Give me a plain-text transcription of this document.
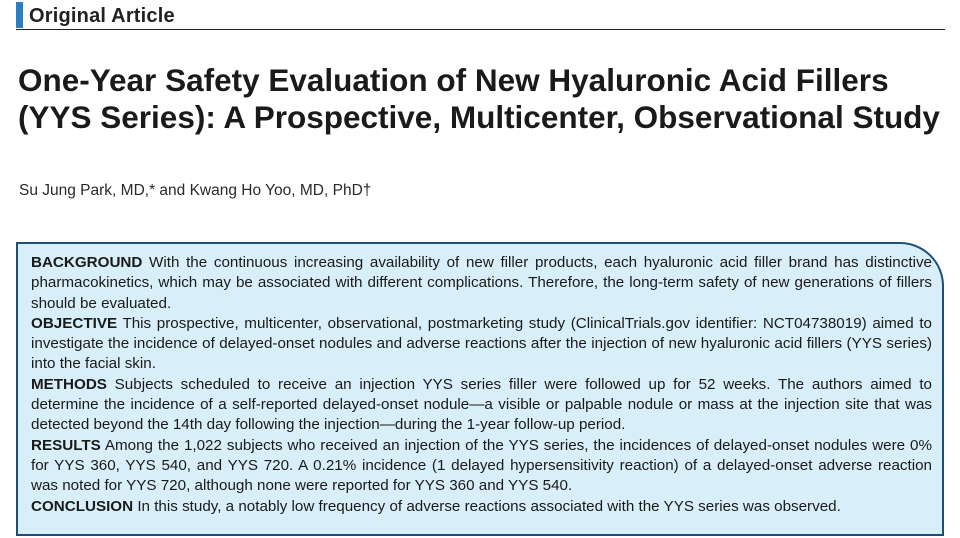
Original Article
One-Year Safety Evaluation of New Hyaluronic Acid Fillers (YYS Series): A Prospective, Multicenter, Observational Study
Su Jung Park, MD,* and Kwang Ho Yoo, MD, PhD†

BACKGROUND With the continuous increasing availability of new filler products, each hyaluronic acid filler brand has distinctive pharmacokinetics, which may be associated with different complications. Therefore, the long-term safety of new generations of fillers should be evaluated.

OBJECTIVE This prospective, multicenter, observational, postmarketing study (ClinicalTrials.gov identifier: NCT04738019) aimed to investigate the incidence of delayed-onset nodules and adverse reactions after the injection of new hyaluronic acid fillers (YYS series) into the facial skin.

METHODS Subjects scheduled to receive an injection YYS series filler were followed up for 52 weeks. The authors aimed to determine the incidence of a self-reported delayed-onset nodule—a visible or palpable nodule or mass at the injection site that was detected beyond the 14th day following the injection—during the 1-year follow-up period.

RESULTS Among the 1,022 subjects who received an injection of the YYS series, the incidences of delayed-onset nodules were 0% for YYS 360, YYS 540, and YYS 720. A 0.21% incidence (1 delayed hypersensitivity reaction) of a delayed-onset adverse reaction was noted for YYS 720, although none were reported for YYS 360 and YYS 540.

CONCLUSION In this study, a notably low frequency of adverse reactions associated with the YYS series was observed.
